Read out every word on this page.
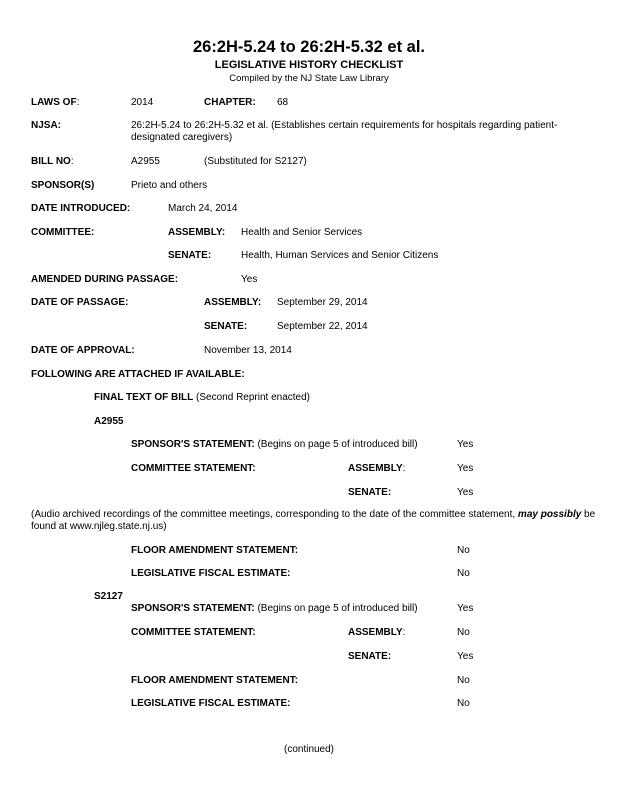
26:2H-5.24 to 26:2H-5.32 et al.
LEGISLATIVE HISTORY CHECKLIST
Compiled by the NJ State Law Library
LAWS OF:	2014	CHAPTER: 68
NJSA:	26:2H-5.24 to 26:2H-5.32 et al. (Establishes certain requirements for hospitals regarding patient-designated caregivers)
BILL NO:	A2955	(Substituted for S2127)
SPONSOR(S)	Prieto and others
DATE INTRODUCED:	March 24, 2014
COMMITTEE:	ASSEMBLY: Health and Senior Services
SENATE:	Health, Human Services and Senior Citizens
AMENDED DURING PASSAGE:	Yes
DATE OF PASSAGE:	ASSEMBLY: September 29, 2014
SENATE:	September 22, 2014
DATE OF APPROVAL:	November 13, 2014
FOLLOWING ARE ATTACHED IF AVAILABLE:
FINAL TEXT OF BILL (Second Reprint enacted)
A2955
SPONSOR'S STATEMENT: (Begins on page 5 of introduced bill)	Yes
COMMITTEE STATEMENT:	ASSEMBLY:	Yes
SENATE:	Yes
(Audio archived recordings of the committee meetings, corresponding to the date of the committee statement, may possibly be found at www.njleg.state.nj.us)
FLOOR AMENDMENT STATEMENT:	No
LEGISLATIVE FISCAL ESTIMATE:	No
S2127
SPONSOR'S STATEMENT: (Begins on page 5 of introduced bill)	Yes
COMMITTEE STATEMENT:	ASSEMBLY:	No
SENATE:	Yes
FLOOR AMENDMENT STATEMENT:	No
LEGISLATIVE FISCAL ESTIMATE:	No
(continued)
